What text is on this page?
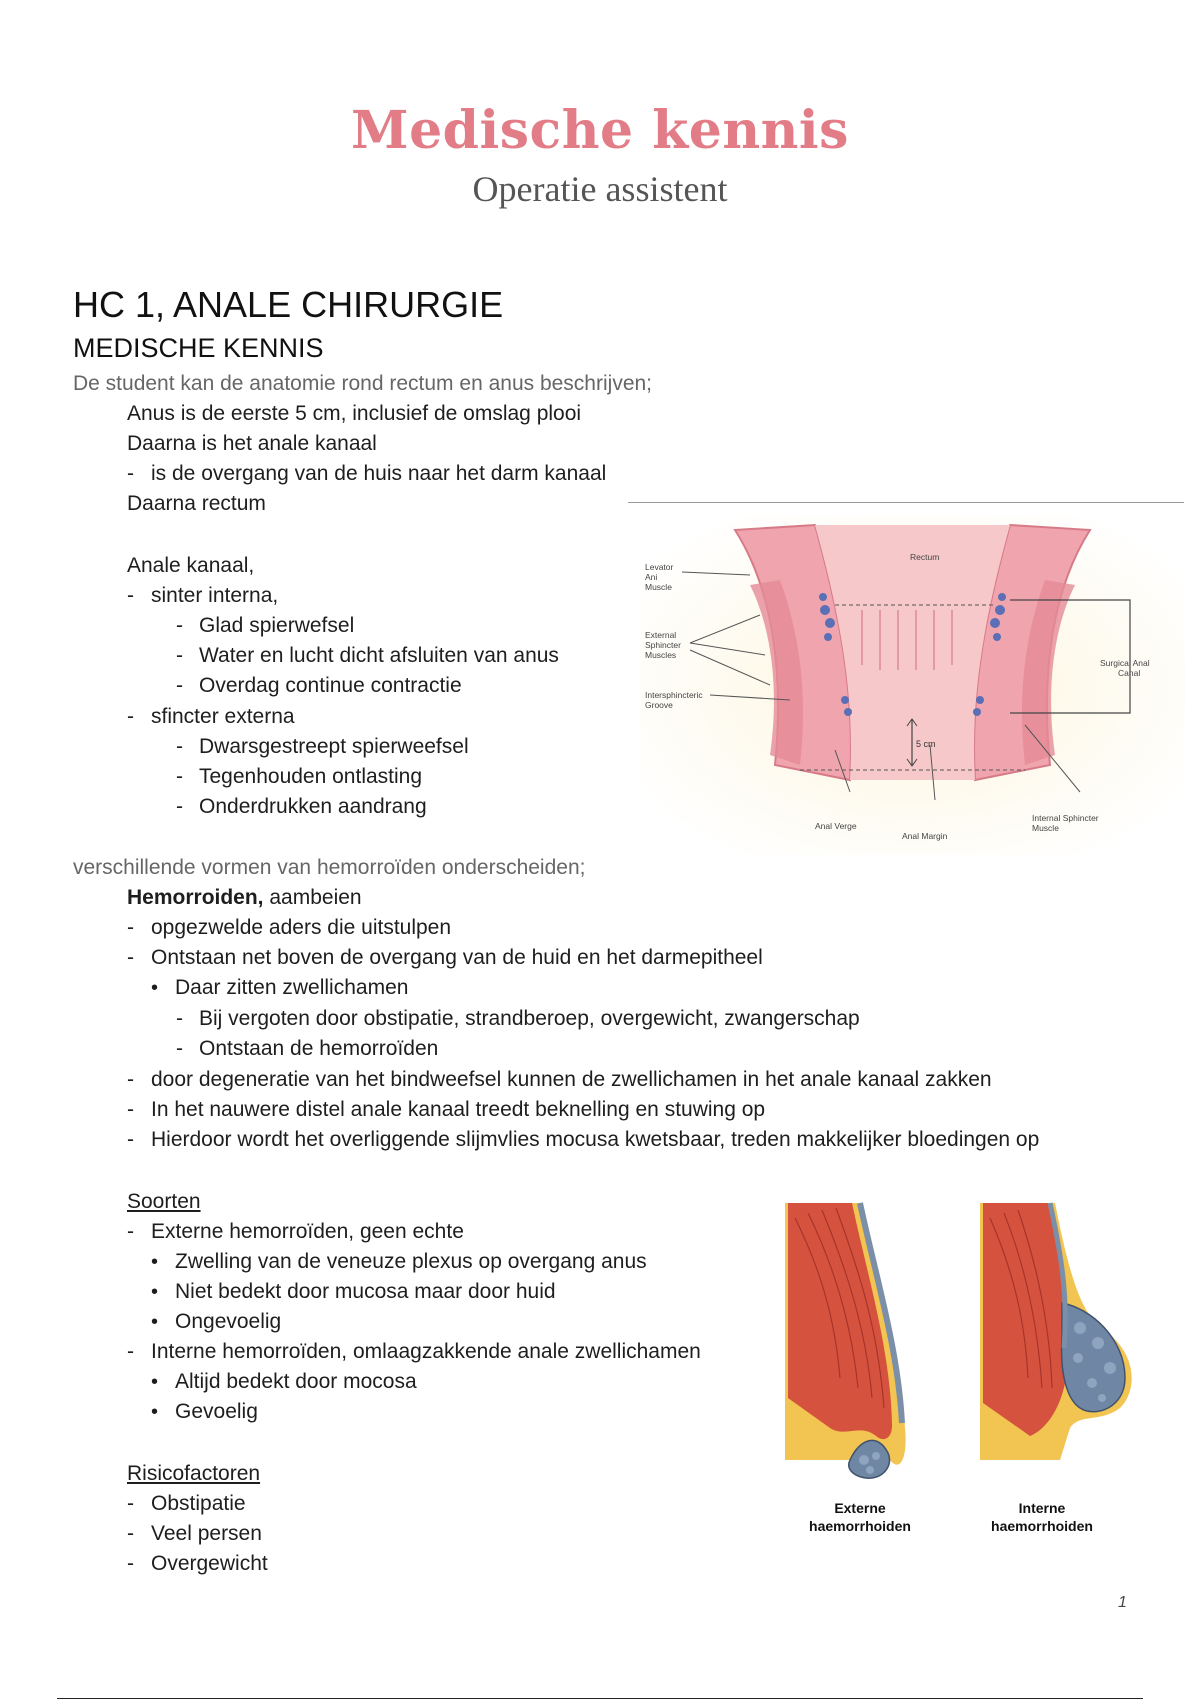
Medische kennis
Operatie assistent
HC 1, ANALE CHIRURGIE
MEDISCHE KENNIS
De student kan de anatomie rond rectum en anus beschrijven;
Anus is de eerste 5 cm, inclusief de omslag plooi
Daarna is het anale kanaal
- is de overgang van de huis naar het darm kanaal
Daarna rectum
Anale kanaal,
- sinter interna,
- Glad spierwefsel
- Water en lucht dicht afsluiten van anus
- Overdag continue contractie
- sfincter externa
- Dwarsgestreept spierweefsel
- Tegenhouden ontlasting
- Onderdrukken aandrang
5 cm
Rectum
Levator
Ani
Muscle
External
Sphincter
Muscles
Intersphincteric
Groove
Surgical Anal
Canal
Anal Verge
Anal Margin
Internal Sphincter
Muscle
verschillende vormen van hemorroïden onderscheiden;
Hemorroiden, aambeien
- opgezwelde aders die uitstulpen
- Ontstaan net boven de overgang van de huid en het darmepitheel
• Daar zitten zwellichamen
- Bij vergoten door obstipatie, strandberoep, overgewicht, zwangerschap
- Ontstaan de hemorroïden
- door degeneratie van het bindweefsel kunnen de zwellichamen in het anale kanaal zakken
- In het nauwere distel anale kanaal treedt beknelling en stuwing op
- Hierdoor wordt het overliggende slijmvlies mocusa kwetsbaar, treden makkelijker bloedingen op
Soorten
- Externe hemorroïden, geen echte
• Zwelling van de veneuze plexus op overgang anus
• Niet bedekt door mucosa maar door huid
• Ongevoelig
- Interne hemorroïden, omlaagzakkende anale zwellichamen
• Altijd bedekt door mocosa
• Gevoelig
Risicofactoren
- Obstipatie
- Veel persen
- Overgewicht
Externe
haemorrhoiden
Interne
haemorrhoiden
1
